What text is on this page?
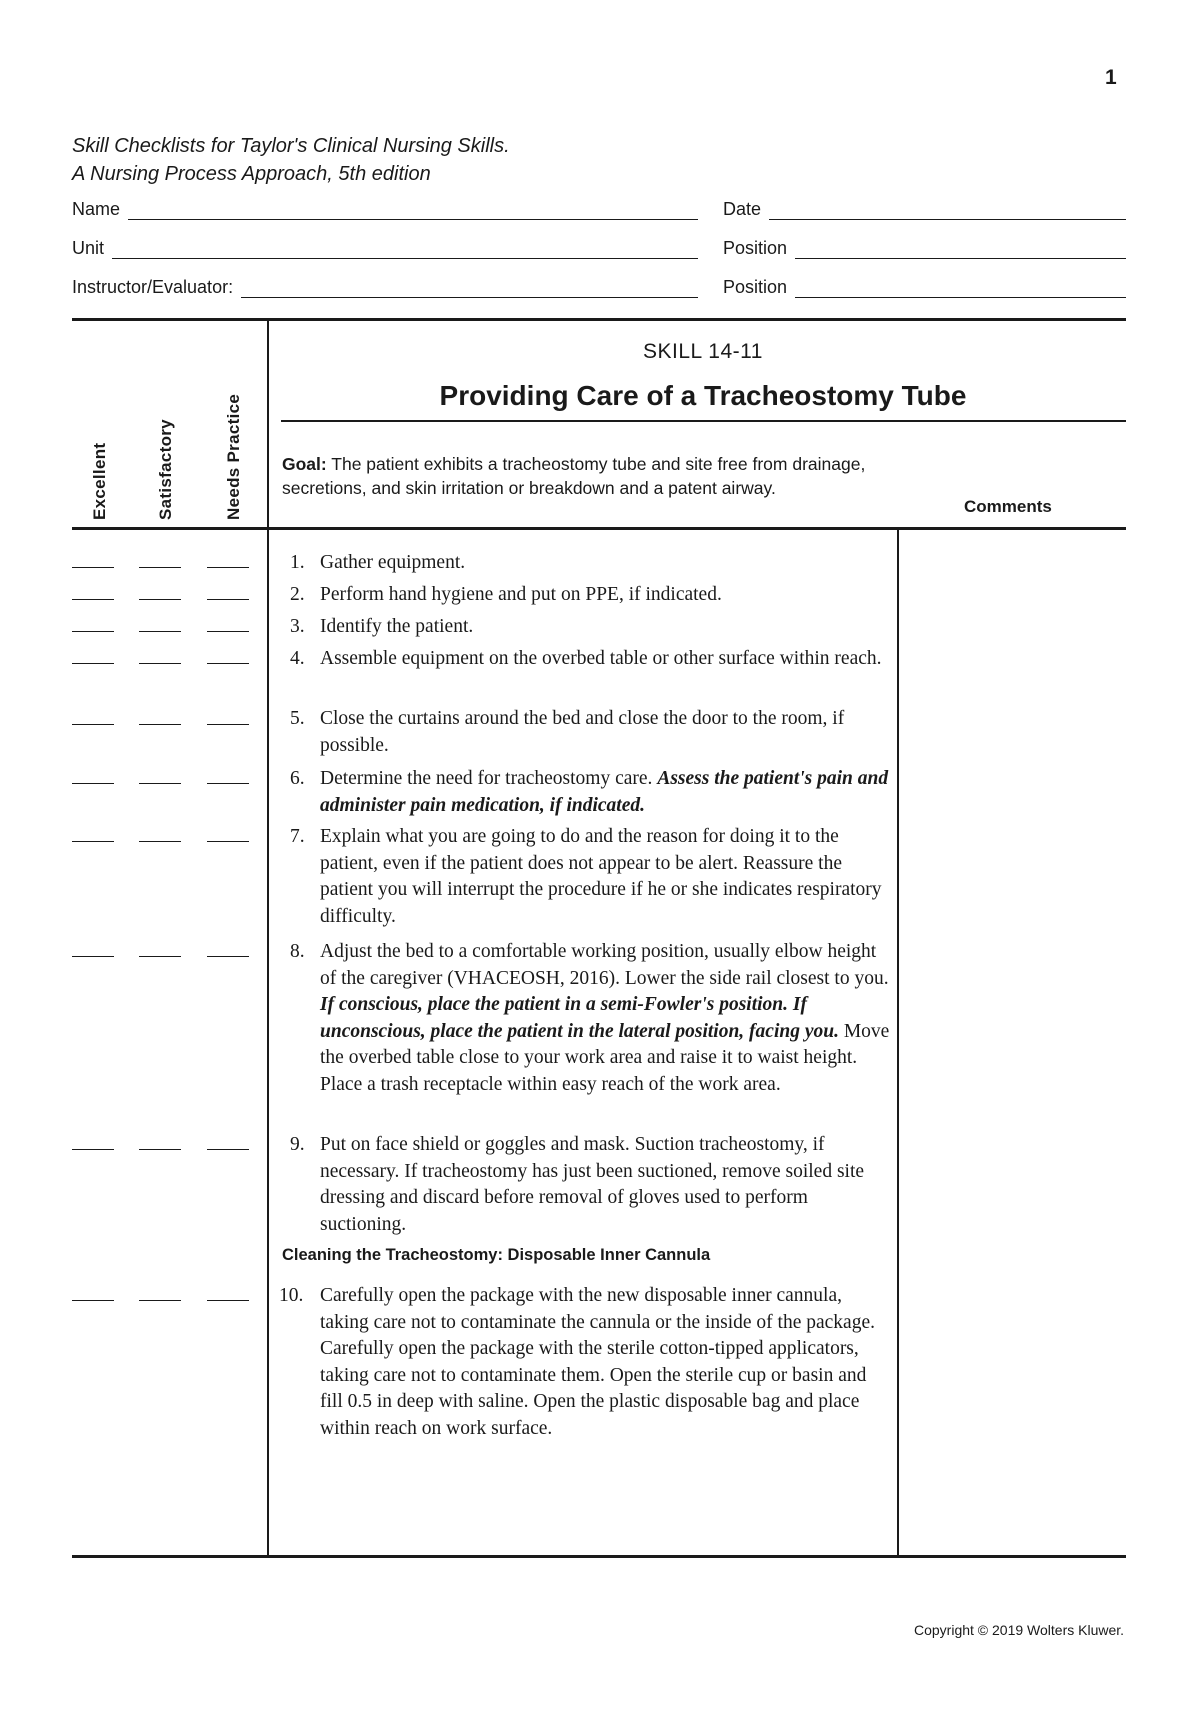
1
Skill Checklists for Taylor's Clinical Nursing Skills.
A Nursing Process Approach, 5th edition
Name	Date
Unit	Position
Instructor/Evaluator:	Position
Excellent	Satisfactory	Needs Practice
SKILL 14-11
Providing Care of a Tracheostomy Tube
Goal: The patient exhibits a tracheostomy tube and site free from drainage, secretions, and skin irritation or breakdown and a patent airway.
Comments
1. Gather equipment.
2. Perform hand hygiene and put on PPE, if indicated.
3. Identify the patient.
4. Assemble equipment on the overbed table or other surface within reach.
5. Close the curtains around the bed and close the door to the room, if possible.
6. Determine the need for tracheostomy care. Assess the patient's pain and administer pain medication, if indicated.
7. Explain what you are going to do and the reason for doing it to the patient, even if the patient does not appear to be alert. Reassure the patient you will interrupt the procedure if he or she indicates respiratory difficulty.
8. Adjust the bed to a comfortable working position, usually elbow height of the caregiver (VHACEOSH, 2016). Lower the side rail closest to you. If conscious, place the patient in a semi-Fowler's position. If unconscious, place the patient in the lateral position, facing you. Move the overbed table close to your work area and raise it to waist height. Place a trash receptacle within easy reach of the work area.
9. Put on face shield or goggles and mask. Suction tracheostomy, if necessary. If tracheostomy has just been suctioned, remove soiled site dressing and discard before removal of gloves used to perform suctioning.
10. Carefully open the package with the new disposable inner cannula, taking care not to contaminate the cannula or the inside of the package. Carefully open the package with the sterile cotton-tipped applicators, taking care not to contaminate them. Open the sterile cup or basin and fill 0.5 in deep with saline. Open the plastic disposable bag and place within reach on work surface.
Cleaning the Tracheostomy: Disposable Inner Cannula
Copyright © 2019 Wolters Kluwer.
